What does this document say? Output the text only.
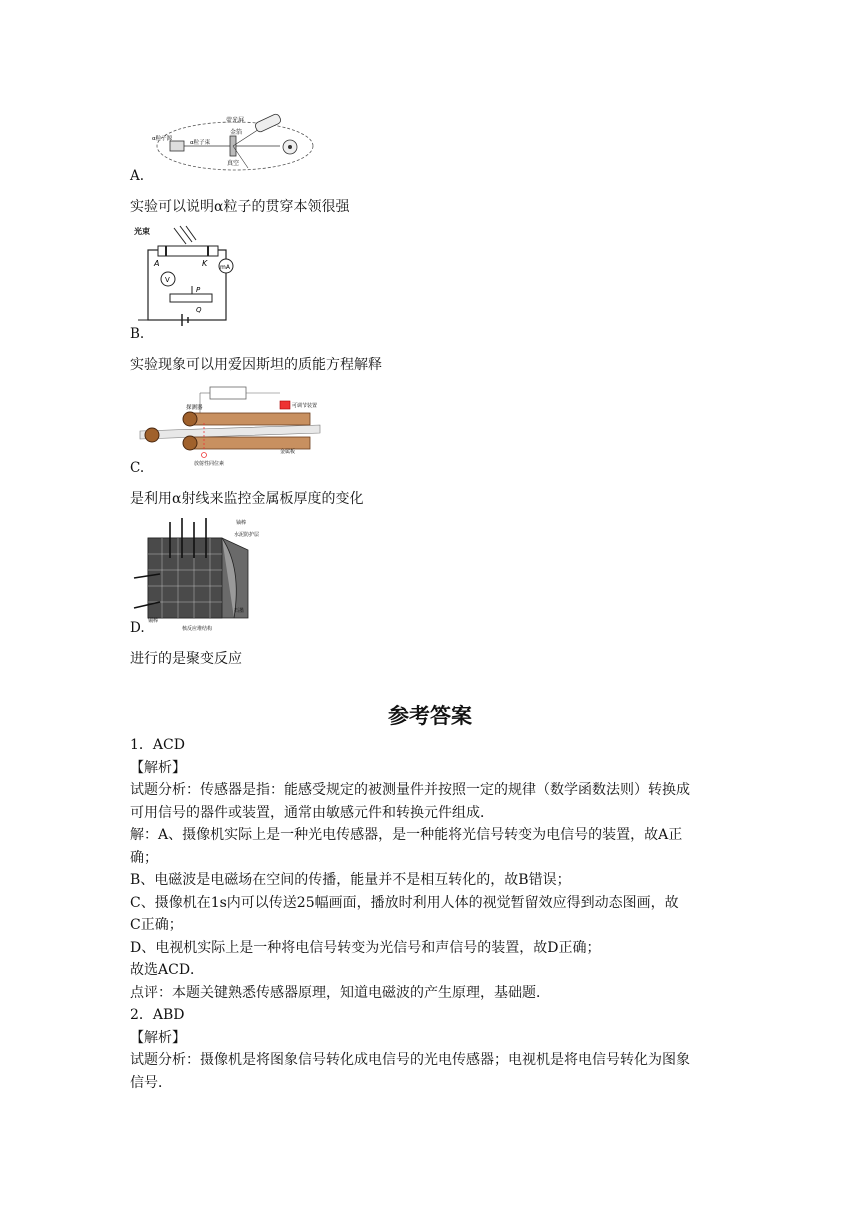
荧光屏
金箔
α粒子源
α粒子束
真空
A.
实验可以说明α粒子的贯穿本领很强
光束
A	K
V
mA
P
Q
B.
实验现象可以用爱因斯坦的质能方程解释
探测器
放射性同位素
可调节装置
金属板
C.
是利用α射线来监控金属板厚度的变化
铀棒
水泥防护层
石墨
镉棒
核反应堆结构
D.
进行的是聚变反应
参考答案

1．ACD

【解析】

试题分析：传感器是指：能感受规定的被测量件并按照一定的规律（数学函数法则）转换成

可用信号的器件或装置，通常由敏感元件和转换元件组成．

解：A、摄像机实际上是一种光电传感器，是一种能将光信号转变为电信号的装置，故A正

确；

B、电磁波是电磁场在空间的传播，能量并不是相互转化的，故B错误；

C、摄像机在1s内可以传送25幅画面，播放时利用人体的视觉暂留效应得到动态图画，故

C正确；

D、电视机实际上是一种将电信号转变为光信号和声信号的装置，故D正确；

故选ACD．

点评：本题关键熟悉传感器原理，知道电磁波的产生原理，基础题．

2．ABD

【解析】

试题分析：摄像机是将图象信号转化成电信号的光电传感器；电视机是将电信号转化为图象

信号．
